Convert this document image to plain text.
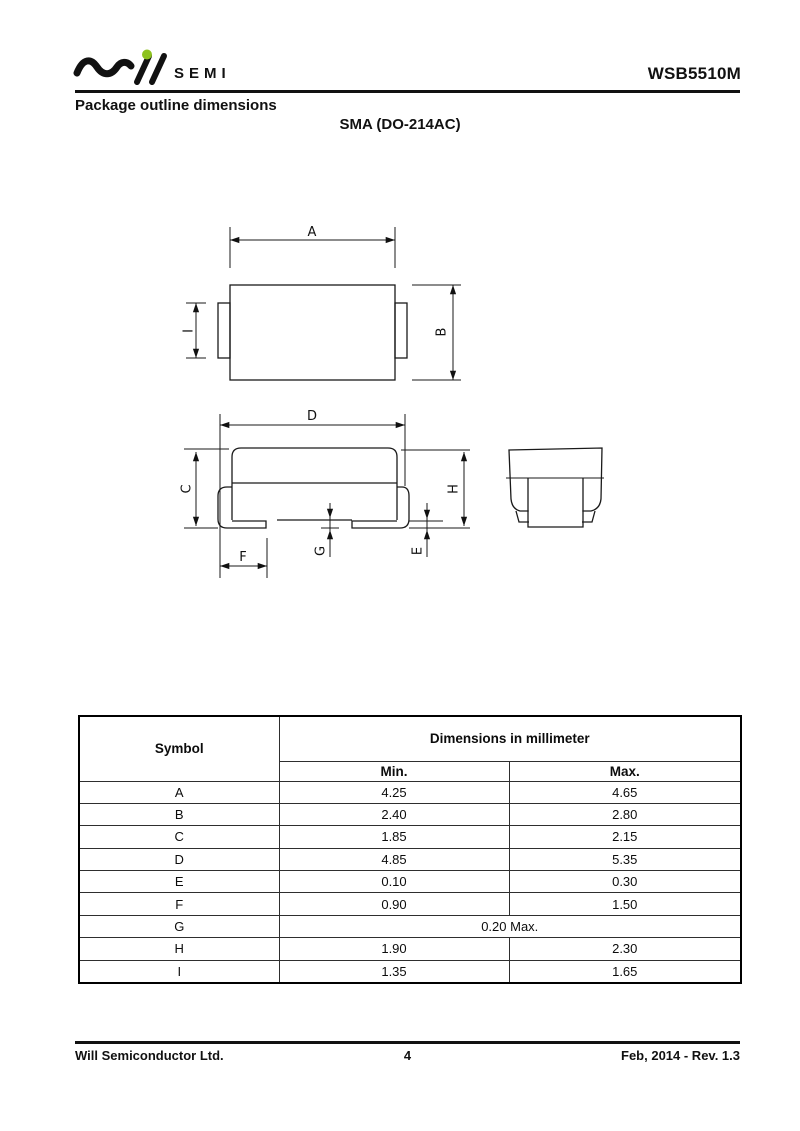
SEMI	WSB5510M
Package outline dimensions
SMA (DO-214AC)
A
D
F
B
I
C	H
G	E
Symbol	Dimensions in millimeter	
	Min.	Max.
A	4.25	4.65
B	2.40	2.80
C	1.85	2.15
D	4.85	5.35
E	0.10	0.30
F	0.90	1.50
G	0.20 Max.	
H	1.90	2.30
I	1.35	1.65
Will Semiconductor Ltd.	4	Feb, 2014 - Rev. 1.3
